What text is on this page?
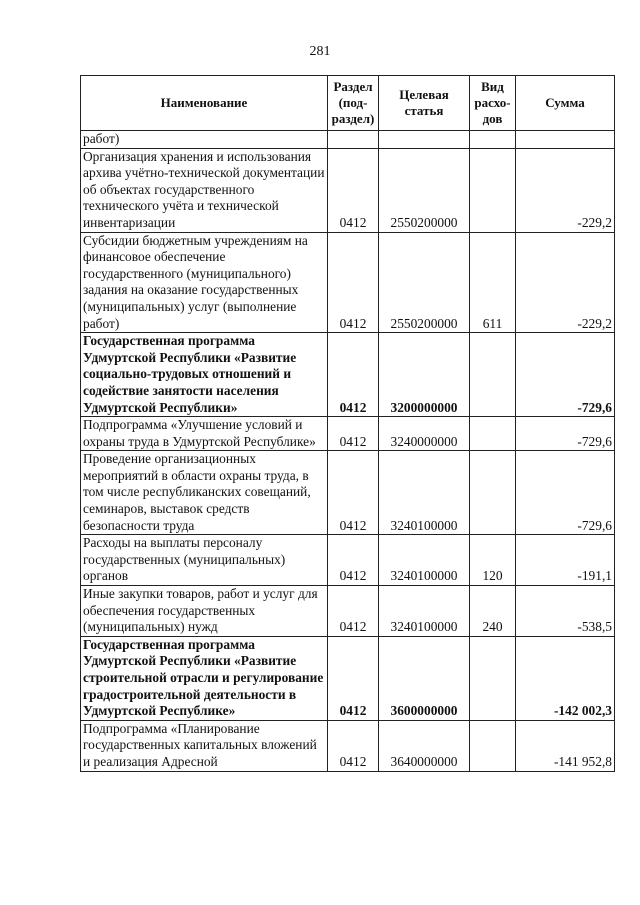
281
Наименование	Раздел (под-раздел)	Целевая статья	Вид расхо-дов	Сумма
работ)				
Организация хранения и использования архива учётно-технической документации об объектах государственного технического учёта и технической инвентаризации	0412	2550200000		-229,2
Субсидии бюджетным учреждениям на финансовое обеспечение государственного (муниципального) задания на оказание государственных (муниципальных) услуг (выполнение работ)	0412	2550200000	611	-229,2
Государственная программа Удмуртской Республики «Развитие социально-трудовых отношений и содействие занятости населения Удмуртской Республики»	0412	3200000000		-729,6
Подпрограмма «Улучшение условий и охраны труда в Удмуртской Республике»	0412	3240000000		-729,6
Проведение организационных мероприятий в области охраны труда, в том числе республиканских совещаний, семинаров, выставок средств безопасности труда	0412	3240100000		-729,6
Расходы на выплаты персоналу государственных (муниципальных) органов	0412	3240100000	120	-191,1
Иные закупки товаров, работ и услуг для обеспечения государственных (муниципальных) нужд	0412	3240100000	240	-538,5
Государственная программа Удмуртской Республики «Развитие строительной отрасли и регулирование градостроительной деятельности в Удмуртской Республике»	0412	3600000000		-142 002,3
Подпрограмма «Планирование государственных капитальных вложений и реализация Адресной	0412	3640000000		-141 952,8
